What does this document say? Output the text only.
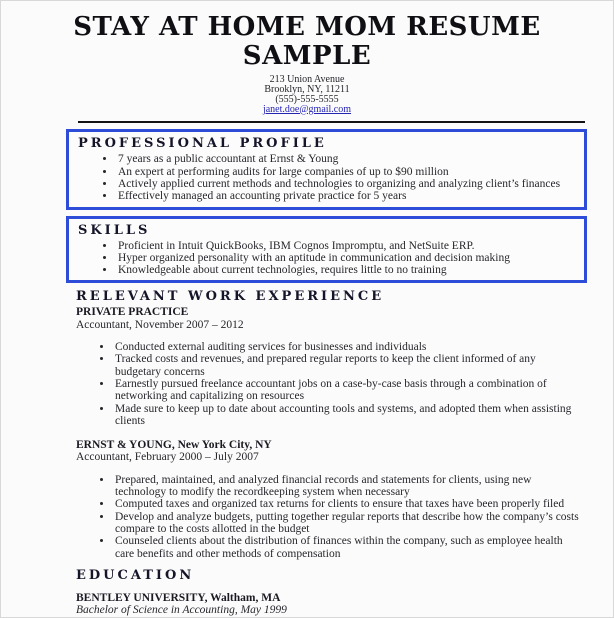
STAY AT HOME MOM RESUME
SAMPLE
213 Union Avenue
Brooklyn, NY, 11211
(555)-555-5555
janet.doe@gmail.com
PROFESSIONAL PROFILE
• 7 years as a public accountant at Ernst & Young
• An expert at performing audits for large companies of up to $90 million
• Actively applied current methods and technologies to organizing and analyzing client’s finances
• Effectively managed an accounting private practice for 5 years
SKILLS
• Proficient in Intuit QuickBooks, IBM Cognos Impromptu, and NetSuite ERP.
• Hyper organized personality with an aptitude in communication and decision making
• Knowledgeable about current technologies, requires little to no training
RELEVANT WORK EXPERIENCE
PRIVATE PRACTICE
Accountant, November 2007 – 2012
• Conducted external auditing services for businesses and individuals
• Tracked costs and revenues, and prepared regular reports to keep the client informed of any budgetary concerns
• Earnestly pursued freelance accountant jobs on a case-by-case basis through a combination of networking and capitalizing on resources
• Made sure to keep up to date about accounting tools and systems, and adopted them when assisting clients
ERNST & YOUNG, New York City, NY
Accountant, February 2000 – July 2007
• Prepared, maintained, and analyzed financial records and statements for clients, using new technology to modify the recordkeeping system when necessary
• Computed taxes and organized tax returns for clients to ensure that taxes have been properly filed
• Develop and analyze budgets, putting together regular reports that describe how the company’s costs compare to the costs allotted in the budget
• Counseled clients about the distribution of finances within the company, such as employee health care benefits and other methods of compensation
EDUCATION
BENTLEY UNIVERSITY, Waltham, MA
Bachelor of Science in Accounting, May 1999
